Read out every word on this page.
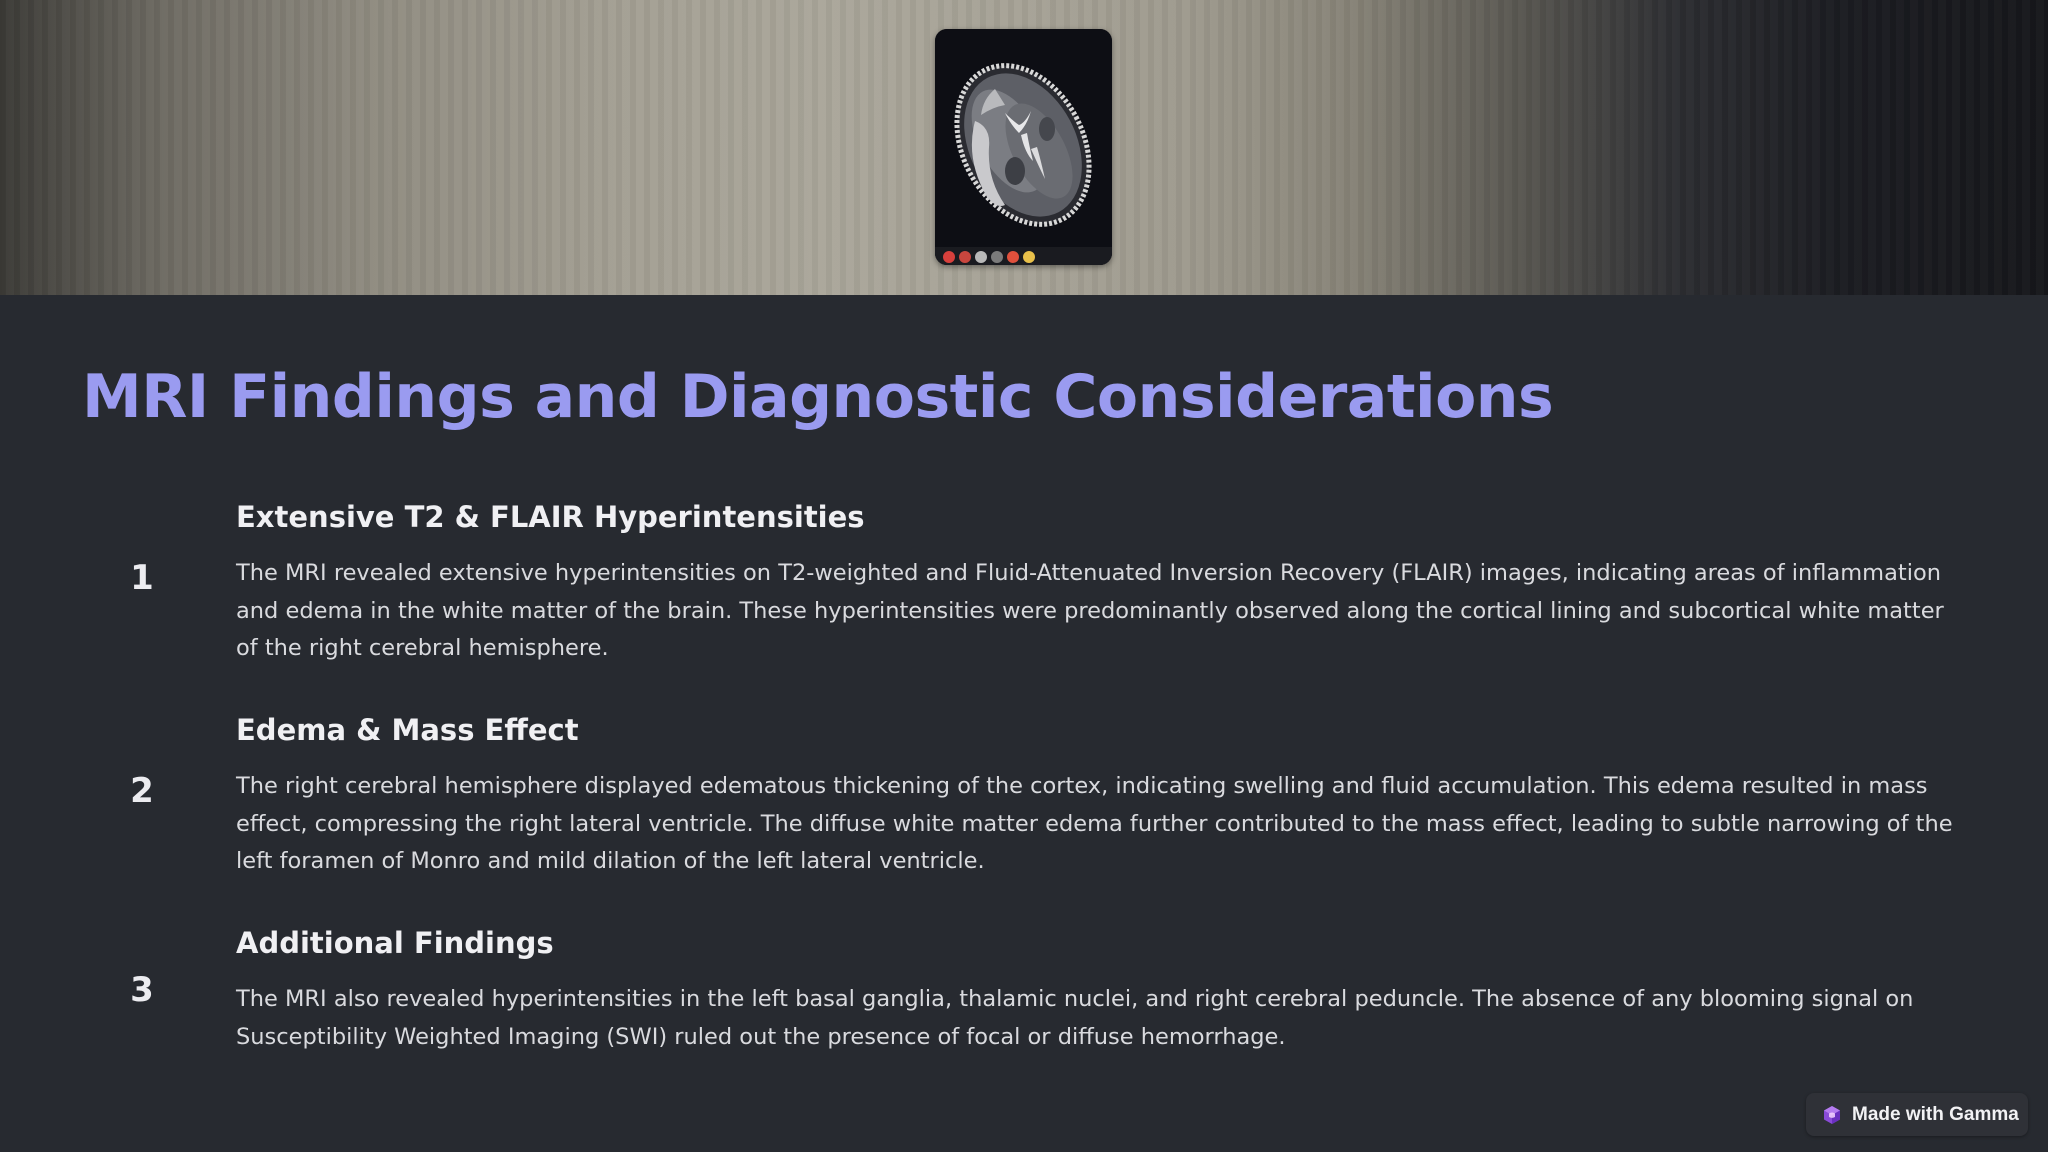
MRI Findings and Diagnostic Considerations
1
Extensive T2 & FLAIR Hyperintensities

The MRI revealed extensive hyperintensities on T2-weighted and Fluid-Attenuated Inversion Recovery (FLAIR) images, indicating areas of inflammation and edema in the white matter of the brain. These hyperintensities were predominantly observed along the cortical lining and subcortical white matter of the right cerebral hemisphere.

2
Edema & Mass Effect

The right cerebral hemisphere displayed edematous thickening of the cortex, indicating swelling and fluid accumulation. This edema resulted in mass effect, compressing the right lateral ventricle. The diffuse white matter edema further contributed to the mass effect, leading to subtle narrowing of the left foramen of Monro and mild dilation of the left lateral ventricle.

3
Additional Findings

The MRI also revealed hyperintensities in the left basal ganglia, thalamic nuclei, and right cerebral peduncle. The absence of any blooming signal on Susceptibility Weighted Imaging (SWI) ruled out the presence of focal or diffuse hemorrhage.

Made with Gamma
